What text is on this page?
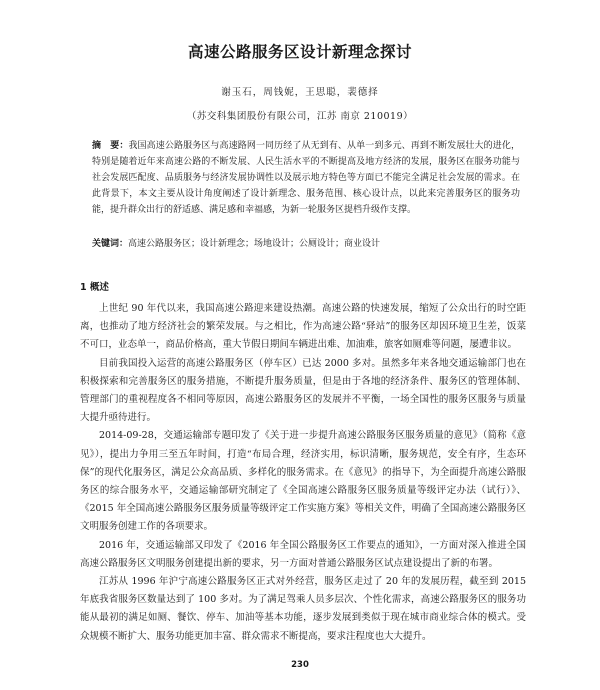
高速公路服务区设计新理念探讨
谢玉石，周钱妮，王思聪，裴德择
（苏交科集团股份有限公司，江苏 南京 210019）
摘　要：我国高速公路服务区与高速路网一同历经了从无到有、从单一到多元、再到不断发展壮大的进化，特别是随着近年来高速公路的不断发展、人民生活水平的不断提高及地方经济的发展，服务区在服务功能与社会发展匹配度、品质服务与经济发展协调性以及展示地方特色等方面已不能完全满足社会发展的需求。在此背景下，本文主要从设计角度阐述了设计新理念、服务范围、核心设计点，以此来完善服务区的服务功能，提升群众出行的舒适感、满足感和幸福感，为新一轮服务区提档升级作支撑。
关键词：高速公路服务区；设计新理念；场地设计；公厕设计；商业设计
1 概述

上世纪 90 年代以来，我国高速公路迎来建设热潮。高速公路的快速发展，缩短了公众出行的时空距离，也推动了地方经济社会的繁荣发展。与之相比，作为高速公路“驿站”的服务区却因环境卫生差，饭菜不可口，业态单一，商品价格高，重大节假日期间车辆进出难、加油难，旅客如厕难等问题，屡遭非议。

目前我国投入运营的高速公路服务区（停车区）已达 2000 多对。虽然多年来各地交通运输部门也在积极探索和完善服务区的服务措施，不断提升服务质量，但是由于各地的经济条件、服务区的管理体制、管理部门的重视程度各不相同等原因，高速公路服务区的发展并不平衡，一场全国性的服务区服务与质量大提升亟待进行。

2014-09-28，交通运输部专题印发了《关于进一步提升高速公路服务区服务质量的意见》（简称《意见》），提出力争用三至五年时间，打造“布局合理，经济实用，标识清晰，服务规范，安全有序，生态环保”的现代化服务区，满足公众高品质、多样化的服务需求。在《意见》的指导下，为全面提升高速公路服务区的综合服务水平，交通运输部研究制定了《全国高速公路服务区服务质量等级评定办法（试行）》、《2015 年全国高速公路服务区服务质量等级评定工作实施方案》等相关文件，明确了全国高速公路服务区文明服务创建工作的各项要求。

2016 年，交通运输部又印发了《2016 年全国公路服务区工作要点的通知》，一方面对深入推进全国高速公路服务区文明服务创建提出新的要求，另一方面对普通公路服务区试点建设提出了新的布署。

江苏从 1996 年沪宁高速公路服务区正式对外经营，服务区走过了 20 年的发展历程，截至到 2015 年底我省服务区数量达到了 100 多对。为了满足驾乘人员多层次、个性化需求，高速公路服务区的服务功能从最初的满足如厕、餐饮、停车、加油等基本功能，逐步发展到类似于现在城市商业综合体的模式。受众规模不断扩大、服务功能更加丰富、群众需求不断提高，要求注程度也大大提升。

230
